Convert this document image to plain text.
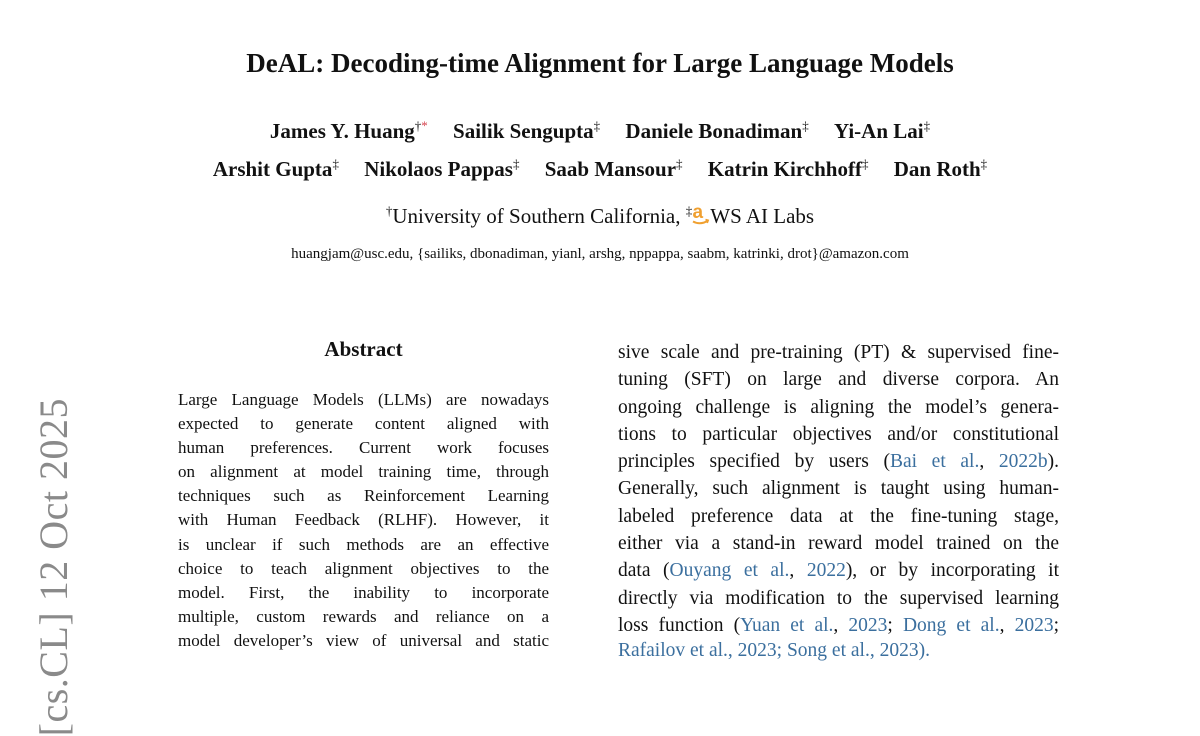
DeAL: Decoding-time Alignment for Large Language Models
James Y. Huang†* Sailik Sengupta‡ Daniele Bonadiman‡ Yi-An Lai‡
Arshit Gupta‡ Nikolaos Pappas‡ Saab Mansour‡ Katrin Kirchhoff‡ Dan Roth‡
†University of Southern California, ‡ a WS AI Labs
huangjam@usc.edu, {sailiks, dbonadiman, yianl, arshg, nppappa, saabm, katrinki, drot}@amazon.com
Abstract
Large Language Models (LLMs) are nowadays
expected to generate content aligned with
human preferences. Current work focuses
on alignment at model training time, through
techniques such as Reinforcement Learning
with Human Feedback (RLHF). However, it
is unclear if such methods are an effective
choice to teach alignment objectives to the
model. First, the inability to incorporate
multiple, custom rewards and reliance on a
model developer’s view of universal and static
sive scale and pre-training (PT) & supervised fine-
tuning (SFT) on large and diverse corpora. An
ongoing challenge is aligning the model’s genera-
tions to particular objectives and/or constitutional
principles specified by users (Bai et al., 2022b).
Generally, such alignment is taught using human-
labeled preference data at the fine-tuning stage,
either via a stand-in reward model trained on the
data (Ouyang et al., 2022), or by incorporating it
directly via modification to the supervised learning
loss function (Yuan et al., 2023; Dong et al., 2023;
Rafailov et al., 2023; Song et al., 2023).
[cs.CL] 12 Oct 2025
